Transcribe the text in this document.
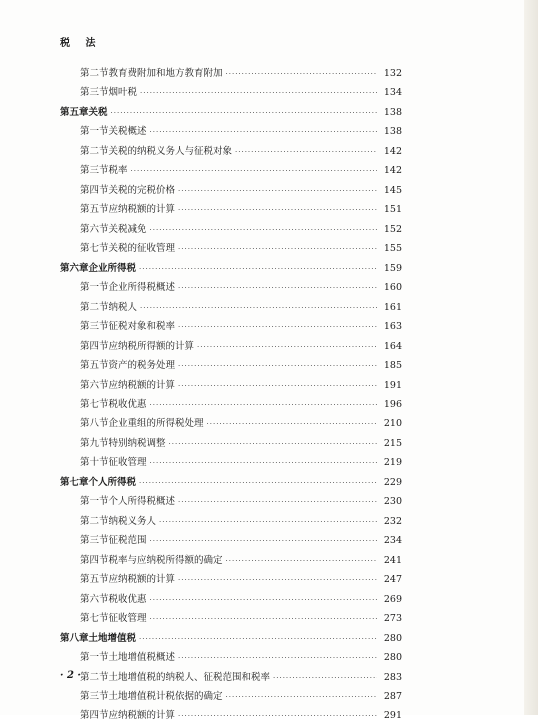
税 法
第二节 教育费附加和地方教育附加 ·····	132
第三节 烟叶税 ·····	134
第五章 关税 ·····	138
第一节 关税概述 ·····	138
第二节 关税的纳税义务人与征税对象 ·····	142
第三节 税率 ·····	142
第四节 关税的完税价格 ·····	145
第五节 应纳税额的计算 ·····	151
第六节 关税减免 ·····	152
第七节 关税的征收管理 ·····	155
第六章 企业所得税 ·····	159
第一节 企业所得税概述 ·····	160
第二节 纳税人 ·····	161
第三节 征税对象和税率 ·····	163
第四节 应纳税所得额的计算 ·····	164
第五节 资产的税务处理 ·····	185
第六节 应纳税额的计算 ·····	191
第七节 税收优惠 ·····	196
第八节 企业重组的所得税处理 ·····	210
第九节 特别纳税调整 ·····	215
第十节 征收管理 ·····	219
第七章 个人所得税 ·····	229
第一节 个人所得税概述 ·····	230
第二节 纳税义务人 ·····	232
第三节 征税范围 ·····	234
第四节 税率与应纳税所得额的确定 ·····	241
第五节 应纳税额的计算 ·····	247
第六节 税收优惠 ·····	269
第七节 征收管理 ·····	273
第八章 土地增值税 ·····	280
第一节 土地增值税概述 ·····	280
第二节 土地增值税的纳税人、征税范围和税率 ·····	283
第三节 土地增值税计税依据的确定 ·····	287
第四节 应纳税额的计算 ·····	291
· 2 ·
